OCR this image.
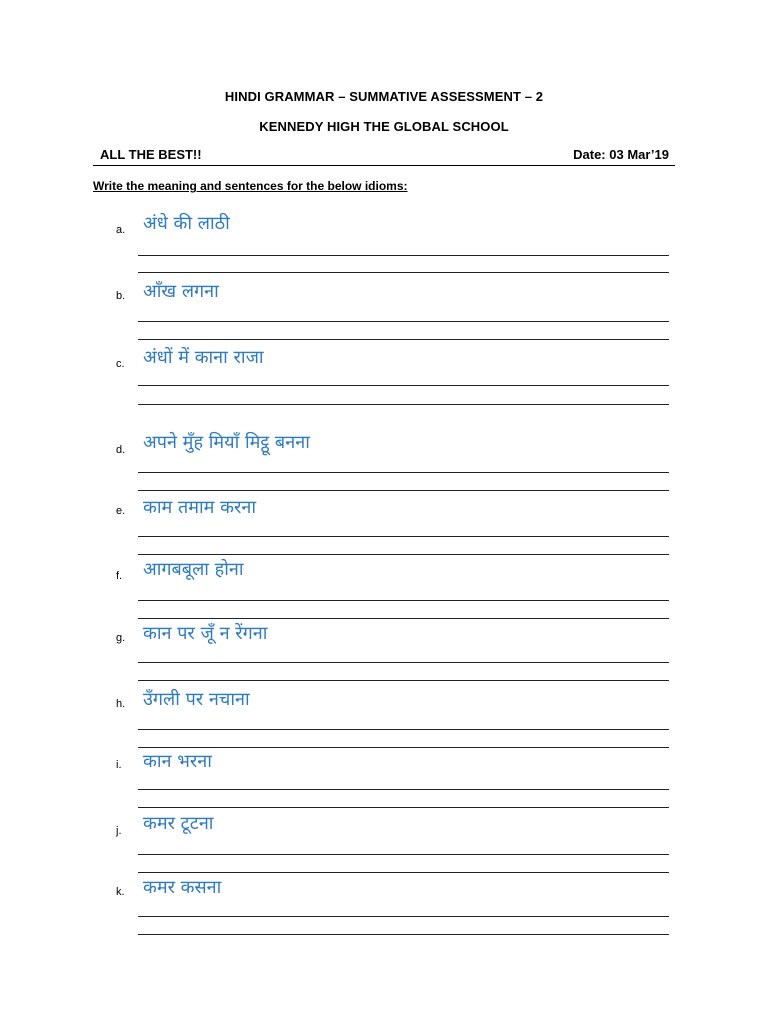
HINDI GRAMMAR – SUMMATIVE ASSESSMENT – 2
KENNEDY HIGH THE GLOBAL SCHOOL
ALL THE BEST!!	Date: 03 Mar’19
Write the meaning and sentences for the below idioms:
अंधे की लाठी
a.
आँख लगना
b.
अंधों में काना राजा
c.
अपने मुँह मियाँ मिट्ठू बनना
d.
काम तमाम करना
e.
आगबबूला होना
f.
कान पर जूँ न रेंगना
g.
उँगली पर नचाना
h.
कान भरना
i.
कमर टूटना
j.
कमर कसना
k.
